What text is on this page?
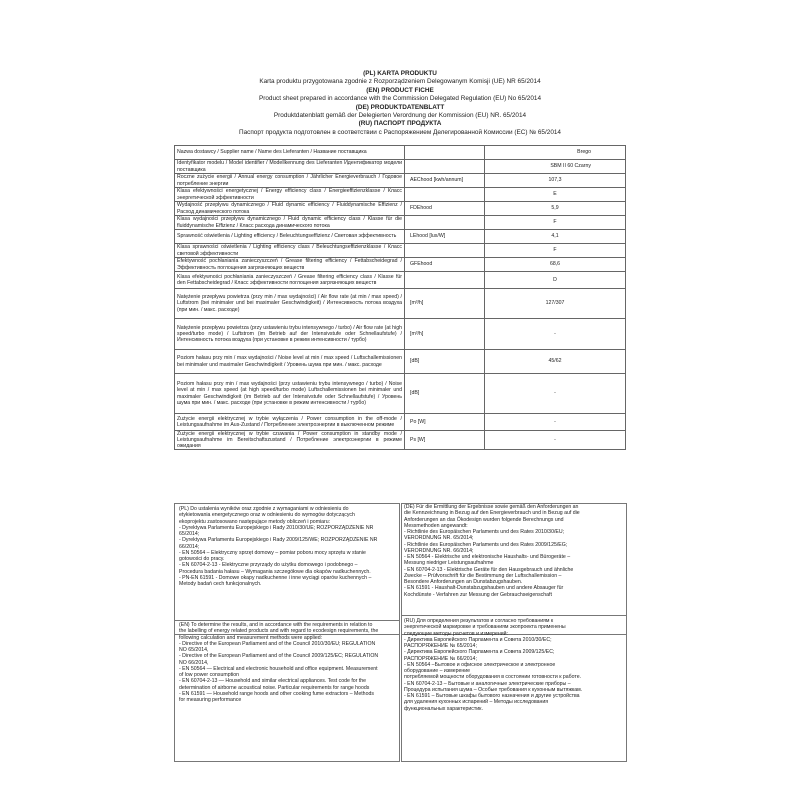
(PL) KARTA PRODUKTU
Karta produktu przygotowana zgodnie z Rozporządzeniem Delegowanym Komisji (UE) NR 65/2014
(EN) PRODUCT FICHE
Product sheet prepared in accordance with the Commission Delegated Regulation (EU) No 65/2014
(DE) PRODUKTDATENBLATT
Produktdatenblatt gemäß der Delegierten Verordnung der Kommission (EU) NR. 65/2014
(RU) ПАСПОРТ ПРОДУКТА
Паспорт продукта подготовлен в соответствии с Распоряжением Делегированной Комиссии (ЕС) № 65/2014
Nazwa dostawcy / Supplier name / Name des Lieferanten / Название поставщика		Brego
Identyfikator modelu / Model identifier / Modellkennung des Lieferanten Идентификатор модели поставщика		SBM II 60 Czarny
Roczne zużycie energii / Annual energy consumption / Jährlicher Energieverbrauch / Годовое потребление энергии	AEChood [kwh/annum]	107,3
Klasa efektywności energetycznej / Energy efficiency class / Energieeffizienzklasse / Класс энергетической эффективности		E
Wydajność przepływu dynamicznego / Fluid dynamic efficiency / Fluiddynamische Effizienz / Расход динамического потока	FDEhood	5,9
Klasa wydajności przepływu dynamicznego / Fluid dynamic efficiency class / Klasse für die fluiddynamische Effizienz / Класс расхода динамического потока		F
Sprawność oświetlenia / Lighting efficiency / Beleuchtungseffizienz / Световая эффективность	LEhood [lux/W]	4,1
Klasa sprawności oświetlenia / Lighting efficiency class / Beleuchtungseffizienzklasse / Класс световой эффективности		F
Efektywność pochłaniania zanieczyszczeń / Grease filtering efficiency / Fettabscheidegrad / Эффективность поглощения загрязняющих веществ	GFEhood	68,6
Klasa efektywności pochłaniania zanieczyszczeń / Grease filtering efficiency class / Klasse für den Fettabscheidegrad / Класс эффективности поглощения загрязняющих веществ		D
Natężenie przepływu powietrza (przy min / max wydajności) / Air flow rate (at min / max speed) / Luftstrom (bei minimaler und bei maximaler Geschwindigkeit) / Интенсивность потока воздуха (при мин. / макс. расходе)	[m³/h]	127/307
Natężenie przepływu powietrza (przy ustawieniu trybu intensywnego / turbo) / Air flow rate (at high speed/turbo mode) / Luftstrom (im Betrieb auf der Intensivstufe oder Schnellaufstufe) / Интенсивность потока воздуха (при установке в режим интенсивности / турбо)	[m³/h]	-
Poziom hałasu przy min / max wydajności / Noise level at min / max speed / Luftschallemissionen bei minimaler und maximaler Geschwindigkeit / Уровень шума при мин. / макс. расходе	[dB]	45/62
Poziom hałasu przy min / max wydajności (przy ustawieniu trybu intensywnego / turbo) / Noise level at min / max speed (at high speed/turbo mode) Luftschallemissionen bei minimaler und maximaler Geschwindigkeit (im Betrieb auf der Intensivstufe oder Schnellaufstufe) / Уровень шума при мин. / макс. расходе (при установке в режим интенсивности / турбо)	[dB]	-
Zużycie energii elektrycznej w trybie wyłączenia / Power consumption in the off-mode / Leistungsaufnahme im Aus-Zustand / Потребление электроэнергии в выключенном режиме	Po [W]	-
Zużycie energii elektrycznej w trybie czuwania / Power consumption in standby mode / Leistungsaufnahme im Bereitschaftszustand / Потребление электроэнергии в режиме ожидания	Ps [W]	-

(PL) Do ustalenia wyników oraz zgodnie z wymaganiami w odniesieniu do

etykietowania energetycznego oraz w odniesieniu do wymogów dotyczących

ekoprojektu zastosowano następujące metody obliczeń i pomiaru:

- Dyrektywa Parlamentu Europejskiego i Rady 2010/30/UE; ROZPORZĄDZENIE NR

65/2014;

- Dyrektywa Parlamentu Europejskiego i Rady 2009/125/WE; ROZPORZĄDZENIE NR

66/2014;

- EN 50564 – Elektryczny sprzęt domowy – pomiar poboru mocy sprzętu w stanie

gotowości do pracy.

- EN 60704-2-13 - Elektryczne przyrządy do użytku domowego i podobnego –

Procedura badania hałasu – Wymagania szczegółowe dla okapów nadkuchennych.

- PN-EN 61591 - Domowe okapy nadkuchenne i inne wyciągi oparów kuchennych –

Metody badań cech funkcjonalnych.

(DE) Für die Ermittlung der Ergebnisse sowie gemäß den Anforderungen an

die Kennzeichnung in Bezug auf den Energieverbrauch und in Bezug auf die

Anforderungen an das Ökodesign wurden folgende Berechnungs und

Messmethoden angewandt:

- Richtlinie des Europäischen Parlaments und des Rates 2010/30/EU;

VERORDNUNG NR. 65/2014;

- Richtlinie des Europäischen Parlaments und des Rates 2009/125/EG;

VERORDNUNG NR. 66/2014;

- EN 50564 - Elektrische und elektronische Haushalts- und Bürogeräte –

Messung niedriger Leistungsaufnahme

- EN 60704-2-13 - Elektrische Geräte für den Hausgebrauch und ähnliche

Zwecke – Prüfvorschrift für die Bestimmung der Luftschallemission –

Besondere Anforderungen an Dunstabzugshauben.

- EN 61591 - Haushalt-Dunstabzugshauben und andere Absauger für

Kochdünste - Verfahren zur Messung der Gebrauchseigenschaft

(EN) To determine the results, and in accordance with the requirements in relation to

the labelling of energy related products and with regard to ecodesign requirements, the

following calculation and measurement methods were applied:

- Directive of the European Parliament and of the Council 2010/30/EU; REGULATION

NO 65/2014,

- Directive of the European Parliament and of the Council 2009/125/EC; REGULATION

NO 66/2014,

- EN 50564 — Electrical and electronic household and office equipment. Measurement

of low power consumption

- EN 60704-2-13 — Household and similar electrical appliances. Test code for the

determination of airborne acoustical noise. Particular requirements for range hoods

- EN 61591 — Household range hoods and other cooking fume extractors – Methods

for measuring performance

(RU) Для определения результатов и согласно требованиям к

энергетической маркировке и требованиям экопроекта применены

следующие методы расчетов и измерений:

- Директива Европейского Парламента и Совета 2010/30/ЕС;

РАСПОРЯЖЕНИЕ № 65/2014;

- Директива Европейского Парламента и Совета 2009/125/ЕС;

РАСПОРЯЖЕНИЕ № 66/2014;

- EN 50564 –Бытовое и офисное электрическое и электронное

оборудование – измерение

потребляемой мощности оборудования в состоянии готовности к работе.

- EN 60704-2-13 – Бытовые и аналогичные электрические приборы –

Процедура испытания шума – Особые требования к кухонным вытяжкам.

- EN 61591 – Бытовые шкафы бытового назначения и другие устройства

для удаления кухонных испарений – Методы исследования

функциональных характеристик.
